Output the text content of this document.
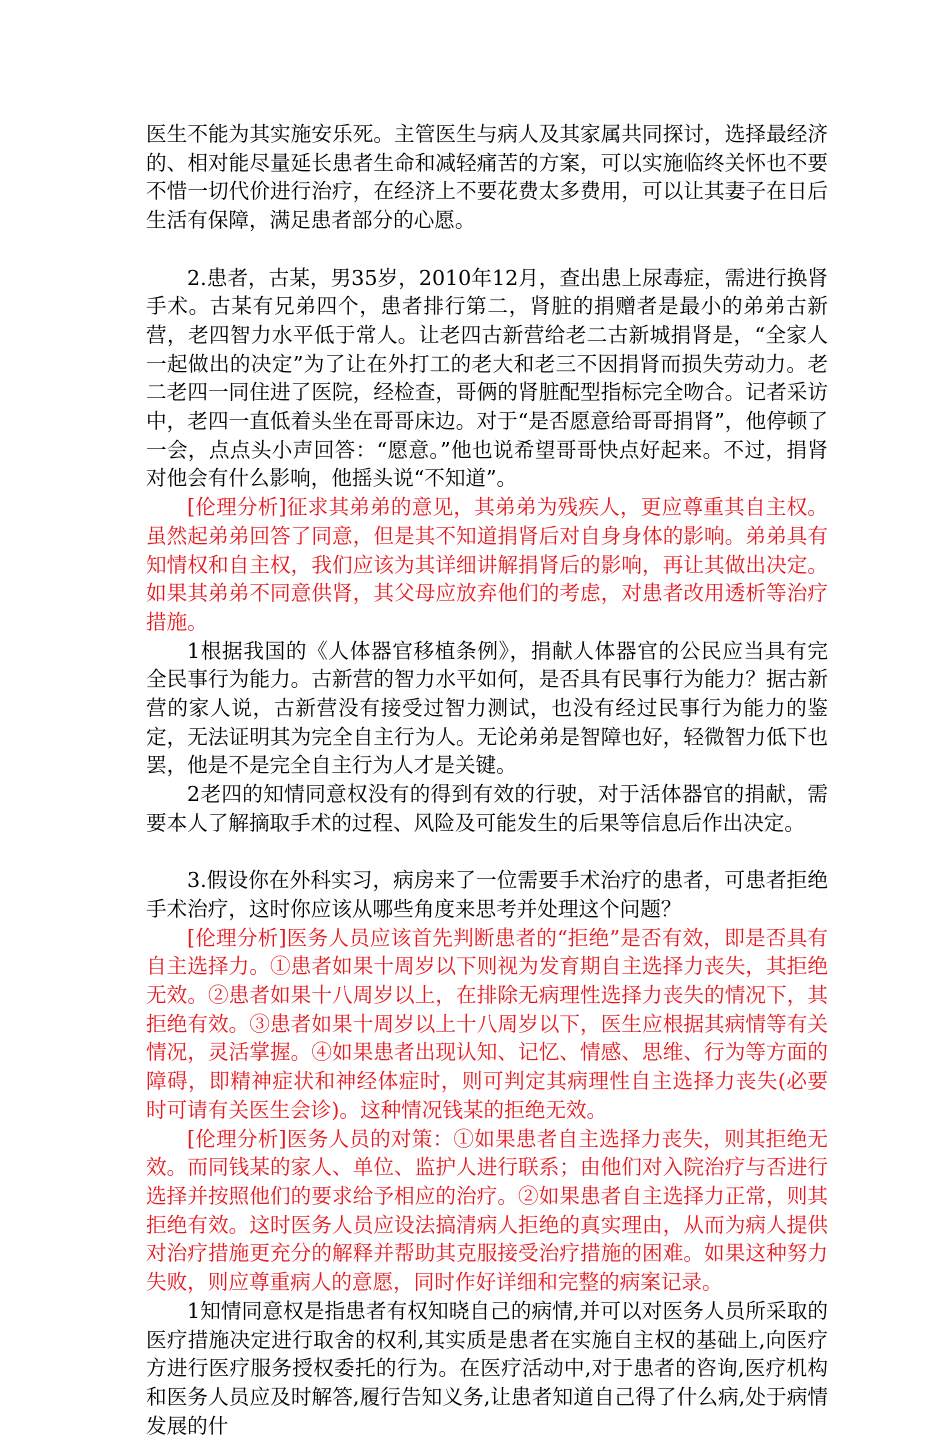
医生不能为其实施安乐死。主管医生与病人及其家属共同探讨，选择最经济的、相对能尽量延长患者生命和减轻痛苦的方案，可以实施临终关怀也不要不惜一切代价进行治疗，在经济上不要花费太多费用，可以让其妻子在日后生活有保障，满足患者部分的心愿。

2.患者，古某，男35岁，2010年12月，查出患上尿毒症，需进行换肾手术。古某有兄弟四个，患者排行第二，肾脏的捐赠者是最小的弟弟古新营，老四智力水平低于常人。让老四古新营给老二古新城捐肾是，“全家人一起做出的决定”为了让在外打工的老大和老三不因捐肾而损失劳动力。老二老四一同住进了医院，经检查，哥俩的肾脏配型指标完全吻合。记者采访中，老四一直低着头坐在哥哥床边。对于“是否愿意给哥哥捐肾”，他停顿了一会，点点头小声回答：“愿意。”他也说希望哥哥快点好起来。不过，捐肾对他会有什么影响，他摇头说“不知道”。

[伦理分析]征求其弟弟的意见，其弟弟为残疾人，更应尊重其自主权。虽然起弟弟回答了同意，但是其不知道捐肾后对自身身体的影响。弟弟具有知情权和自主权，我们应该为其详细讲解捐肾后的影响，再让其做出决定。如果其弟弟不同意供肾，其父母应放弃他们的考虑，对患者改用透析等治疗措施。

1根据我国的《人体器官移植条例》，捐献人体器官的公民应当具有完全民事行为能力。古新营的智力水平如何，是否具有民事行为能力？据古新营的家人说，古新营没有接受过智力测试，也没有经过民事行为能力的鉴定，无法证明其为完全自主行为人。无论弟弟是智障也好，轻微智力低下也罢，他是不是完全自主行为人才是关键。

2老四的知情同意权没有的得到有效的行驶，对于活体器官的捐献，需要本人了解摘取手术的过程、风险及可能发生的后果等信息后作出决定。

3.假设你在外科实习，病房来了一位需要手术治疗的患者，可患者拒绝手术治疗，这时你应该从哪些角度来思考并处理这个问题？

[伦理分析]医务人员应该首先判断患者的“拒绝”是否有效，即是否具有自主选择力。①患者如果十周岁以下则视为发育期自主选择力丧失，其拒绝无效。②患者如果十八周岁以上，在排除无病理性选择力丧失的情况下，其拒绝有效。③患者如果十周岁以上十八周岁以下，医生应根据其病情等有关情况，灵活掌握。④如果患者出现认知、记忆、情感、思维、行为等方面的障碍，即精神症状和神经体症时，则可判定其病理性自主选择力丧失(必要时可请有关医生会诊)。这种情况钱某的拒绝无效。

[伦理分析]医务人员的对策：①如果患者自主选择力丧失，则其拒绝无效。而同钱某的家人、单位、监护人进行联系；由他们对入院治疗与否进行选择并按照他们的要求给予相应的治疗。②如果患者自主选择力正常，则其拒绝有效。这时医务人员应设法搞清病人拒绝的真实理由，从而为病人提供对治疗措施更充分的解释并帮助其克服接受治疗措施的困难。如果这种努力失败，则应尊重病人的意愿，同时作好详细和完整的病案记录。

1知情同意权是指患者有权知晓自己的病情,并可以对医务人员所采取的医疗措施决定进行取舍的权利,其实质是患者在实施自主权的基础上,向医疗方进行医疗服务授权委托的行为。在医疗活动中,对于患者的咨询,医疗机构和医务人员应及时解答,履行告知义务,让患者知道自己得了什么病,处于病情发展的什
